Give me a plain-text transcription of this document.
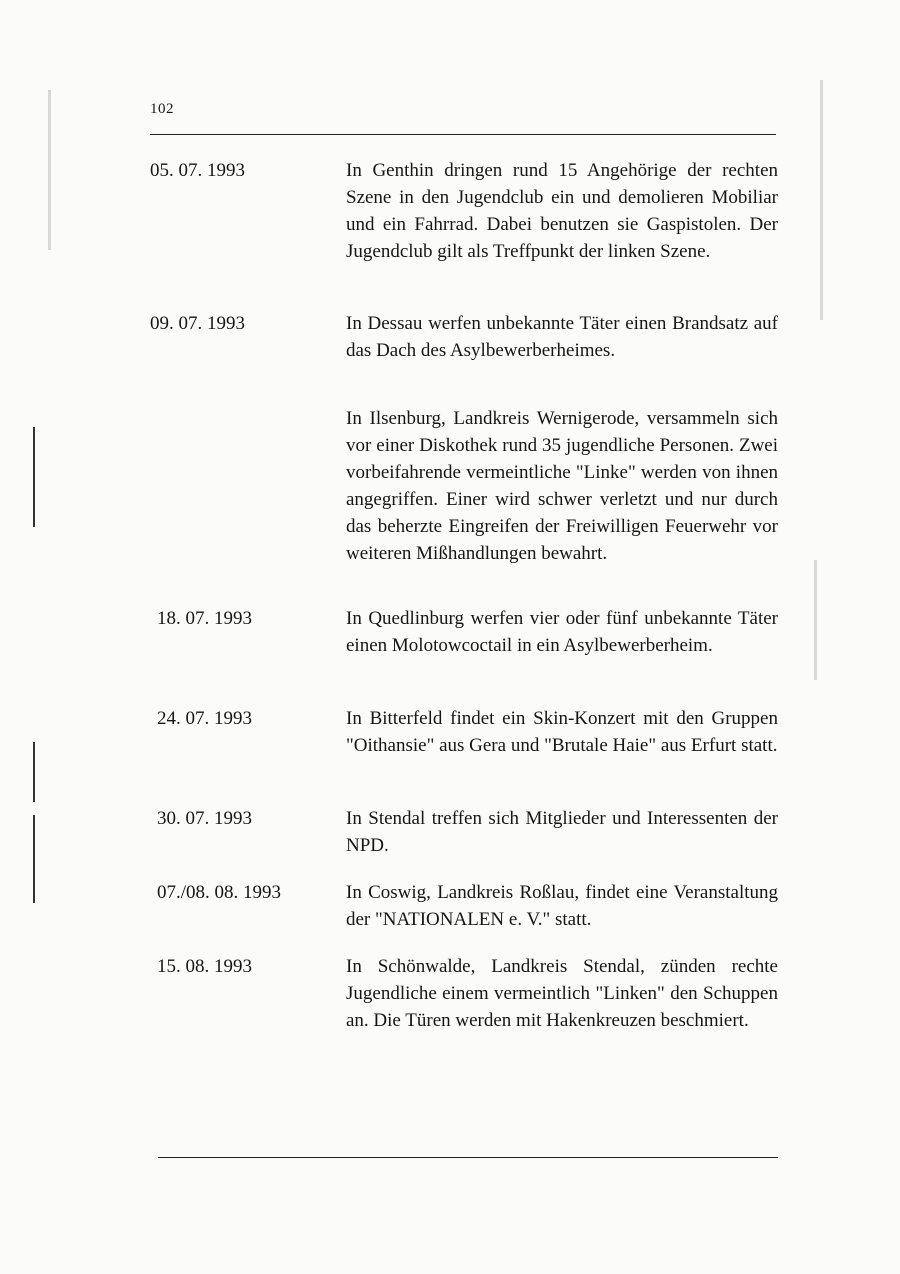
102
05. 07. 1993	In Genthin dringen rund 15 Angehörige der rechten Szene in den Jugendclub ein und demolieren Mobiliar und ein Fahrrad. Dabei benutzen sie Gaspistolen. Der Jugendclub gilt als Treffpunkt der linken Szene.
09. 07. 1993	In Dessau werfen unbekannte Täter einen Brandsatz auf das Dach des Asylbewerberheimes.
In Ilsenburg, Landkreis Wernigerode, versammeln sich vor einer Diskothek rund 35 jugendliche Personen. Zwei vorbeifahrende vermeintliche "Linke" werden von ihnen angegriffen. Einer wird schwer verletzt und nur durch das beherzte Eingreifen der Freiwilligen Feuerwehr vor weiteren Mißhandlungen bewahrt.
18. 07. 1993	In Quedlinburg werfen vier oder fünf unbekannte Täter einen Molotowcoctail in ein Asylbewerberheim.
24. 07. 1993	In Bitterfeld findet ein Skin-Konzert mit den Gruppen "Oithansie" aus Gera und "Brutale Haie" aus Erfurt statt.
30. 07. 1993	In Stendal treffen sich Mitglieder und Interessenten der NPD.
07./08. 08. 1993	In Coswig, Landkreis Roßlau, findet eine Veranstaltung der "NATIONALEN e. V." statt.
15. 08. 1993	In Schönwalde, Landkreis Stendal, zünden rechte Jugendliche einem vermeintlich "Linken" den Schuppen an. Die Türen werden mit Hakenkreuzen beschmiert.
